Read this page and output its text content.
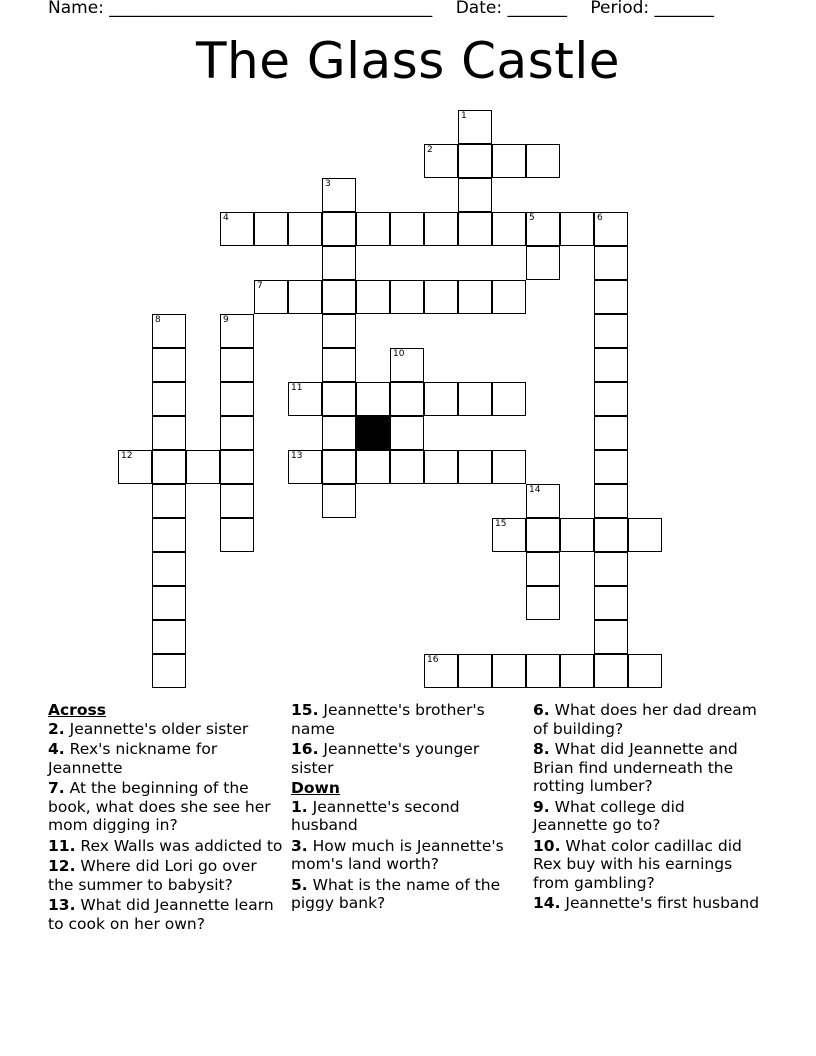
Name: ______________________________________ Date: _______ Period: _______
The Glass Castle
1
2
3
4	5	6
7
8	9
10
11
12	13
14
15
16
Across
2. Jeannette's older sister
4. Rex's nickname for Jeannette
7. At the beginning of the book, what does she see her mom digging in?
11. Rex Walls was addicted to
12. Where did Lori go over the summer to babysit?
13. What did Jeannette learn to cook on her own?
15. Jeannette's brother's name
16. Jeannette's younger sister
Down
1. Jeannette's second husband
3. How much is Jeannette's mom's land worth?
5. What is the name of the piggy bank?
6. What does her dad dream of building?
8. What did Jeannette and Brian find underneath the rotting lumber?
9. What college did Jeannette go to?
10. What color cadillac did Rex buy with his earnings from gambling?
14. Jeannette's first husband
